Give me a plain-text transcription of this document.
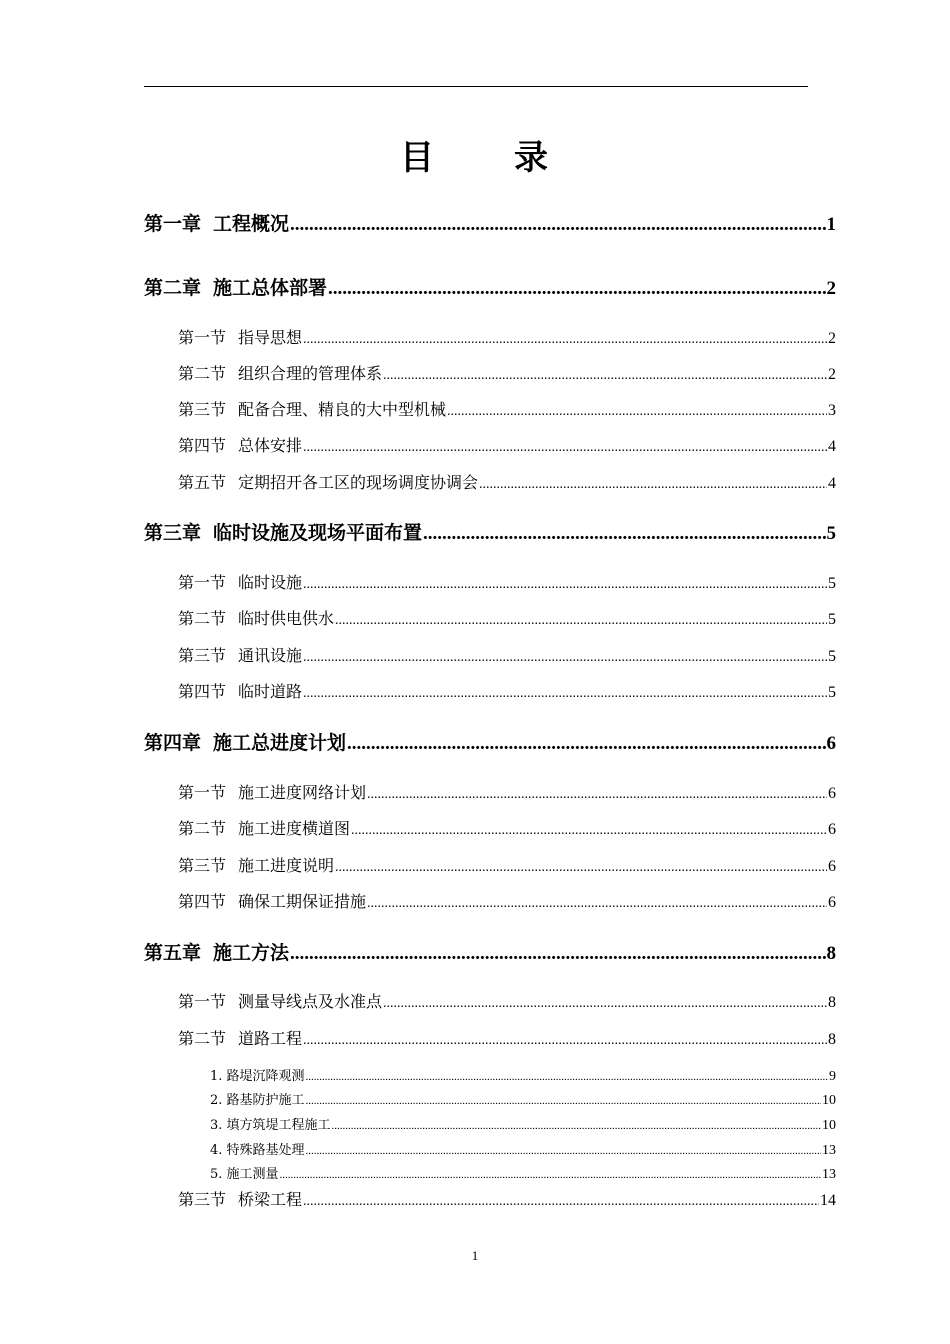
目 录
第一章 工程概况 .....	1
第二章 施工总体部署 .....	2
第一节 指导思想 .....	2
第二节 组织合理的管理体系 .....	2
第三节 配备合理、精良的大中型机械 .....	3
第四节 总体安排 .....	4
第五节 定期招开各工区的现场调度协调会 .....	4
第三章 临时设施及现场平面布置 .....	5
第一节 临时设施 .....	5
第二节 临时供电供水 .....	5
第三节 通讯设施 .....	5
第四节 临时道路 .....	5
第四章 施工总进度计划 .....	6
第一节 施工进度网络计划 .....	6
第二节 施工进度横道图 .....	6
第三节 施工进度说明 .....	6
第四节 确保工期保证措施 .....	6
第五章 施工方法 .....	8
第一节 测量导线点及水准点 .....	8
第二节 道路工程 .....	8
1. 路堤沉降观测 .....	9
2. 路基防护施工 .....	10
3. 填方筑堤工程施工 .....	10
4. 特殊路基处理 .....	13
5. 施工测量 .....	13
第三节 桥梁工程 .....	14
1
